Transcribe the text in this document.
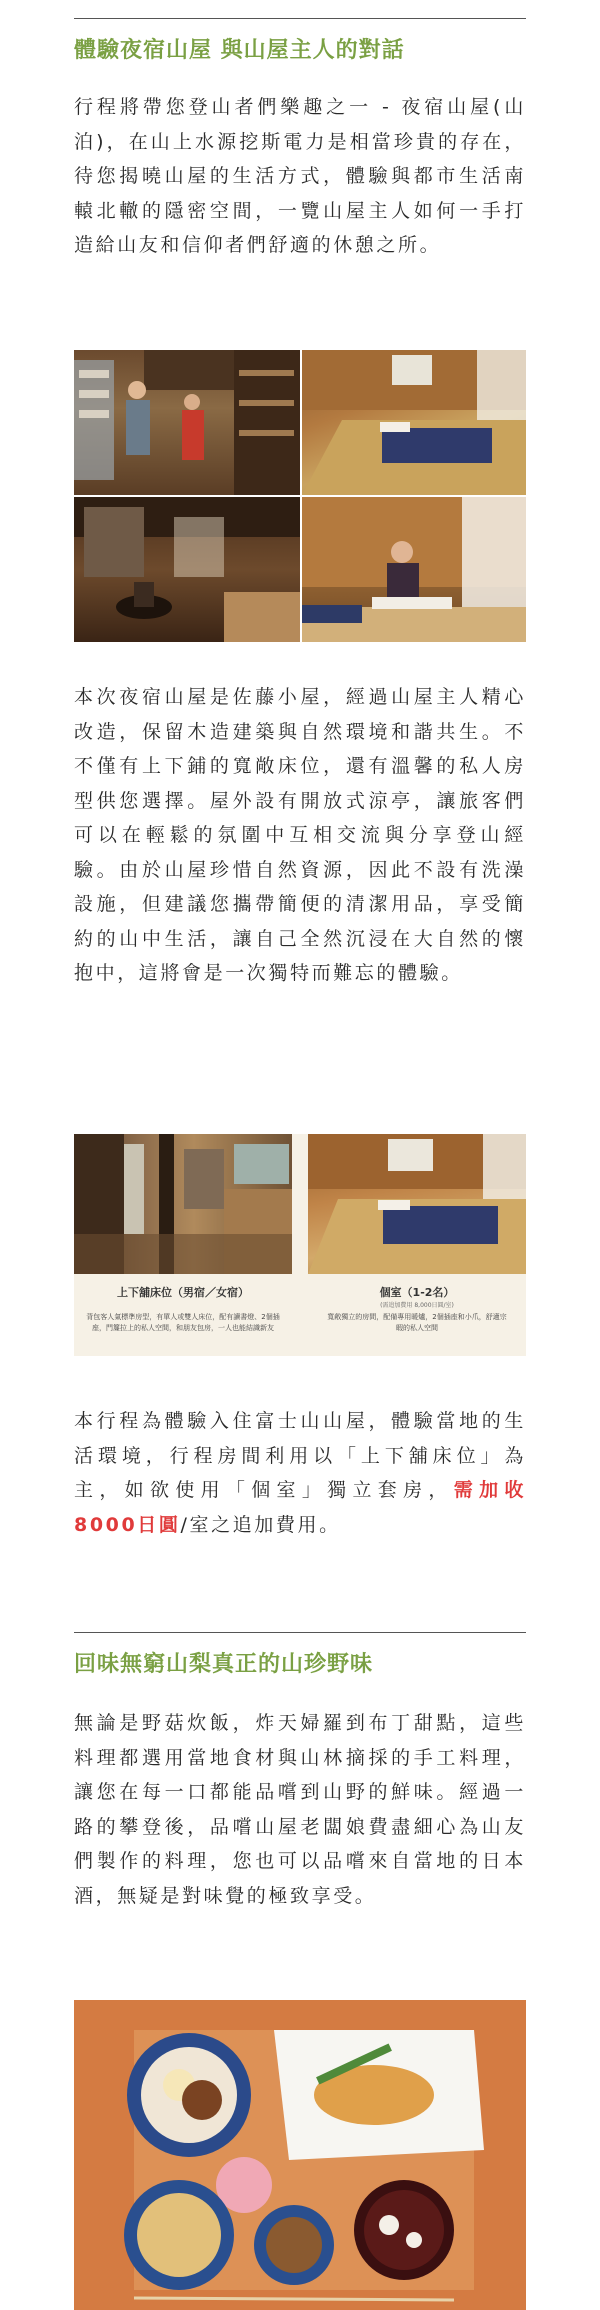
體驗夜宿山屋 與山屋主人的對話

行程將帶您登山者們樂趣之一 - 夜宿山屋(山泊)，在山上水源挖斯電力是相當珍貴的存在，待您揭曉山屋的生活方式，體驗與都市生活南轅北轍的隱密空間，一覽山屋主人如何一手打造給山友和信仰者們舒適的休憩之所。

本次夜宿山屋是佐藤小屋，經過山屋主人精心改造，保留木造建築與自然環境和諧共生。不不僅有上下鋪的寬敞床位，還有溫馨的私人房型供您選擇。屋外設有開放式涼亭，讓旅客們可以在輕鬆的氛圍中互相交流與分享登山經驗。由於山屋珍惜自然資源，因此不設有洗澡設施，但建議您攜帶簡便的清潔用品，享受簡約的山中生活，讓自己全然沉浸在大自然的懷抱中，這將會是一次獨特而難忘的體驗。

上下舖床位（男宿／女宿）
背包客人氣標準房型，有單人或雙人床位，配有讀書燈、2個插座，門簾拉上的私人空間，和朋友包房，一人也能結識新友
個室（1-2名）
(需追加費用 8,000日圓/室)
寬敞獨立的房間，配備專用暖爐，2個插座和小爪，舒適宗暇的私人空間

本行程為體驗入住富士山山屋，體驗當地的生活環境，行程房間利用以「上下舖床位」為主，如欲使用「個室」獨立套房，需加收8000日圓/室之追加費用。

回味無窮山梨真正的山珍野味

無論是野菇炊飯，炸天婦羅到布丁甜點，這些料理都選用當地食材與山林摘採的手工料理，讓您在每一口都能品嚐到山野的鮮味。經過一路的攀登後，品嚐山屋老闆娘費盡細心為山友們製作的料理，您也可以品嚐來自當地的日本酒，無疑是對味覺的極致享受。
